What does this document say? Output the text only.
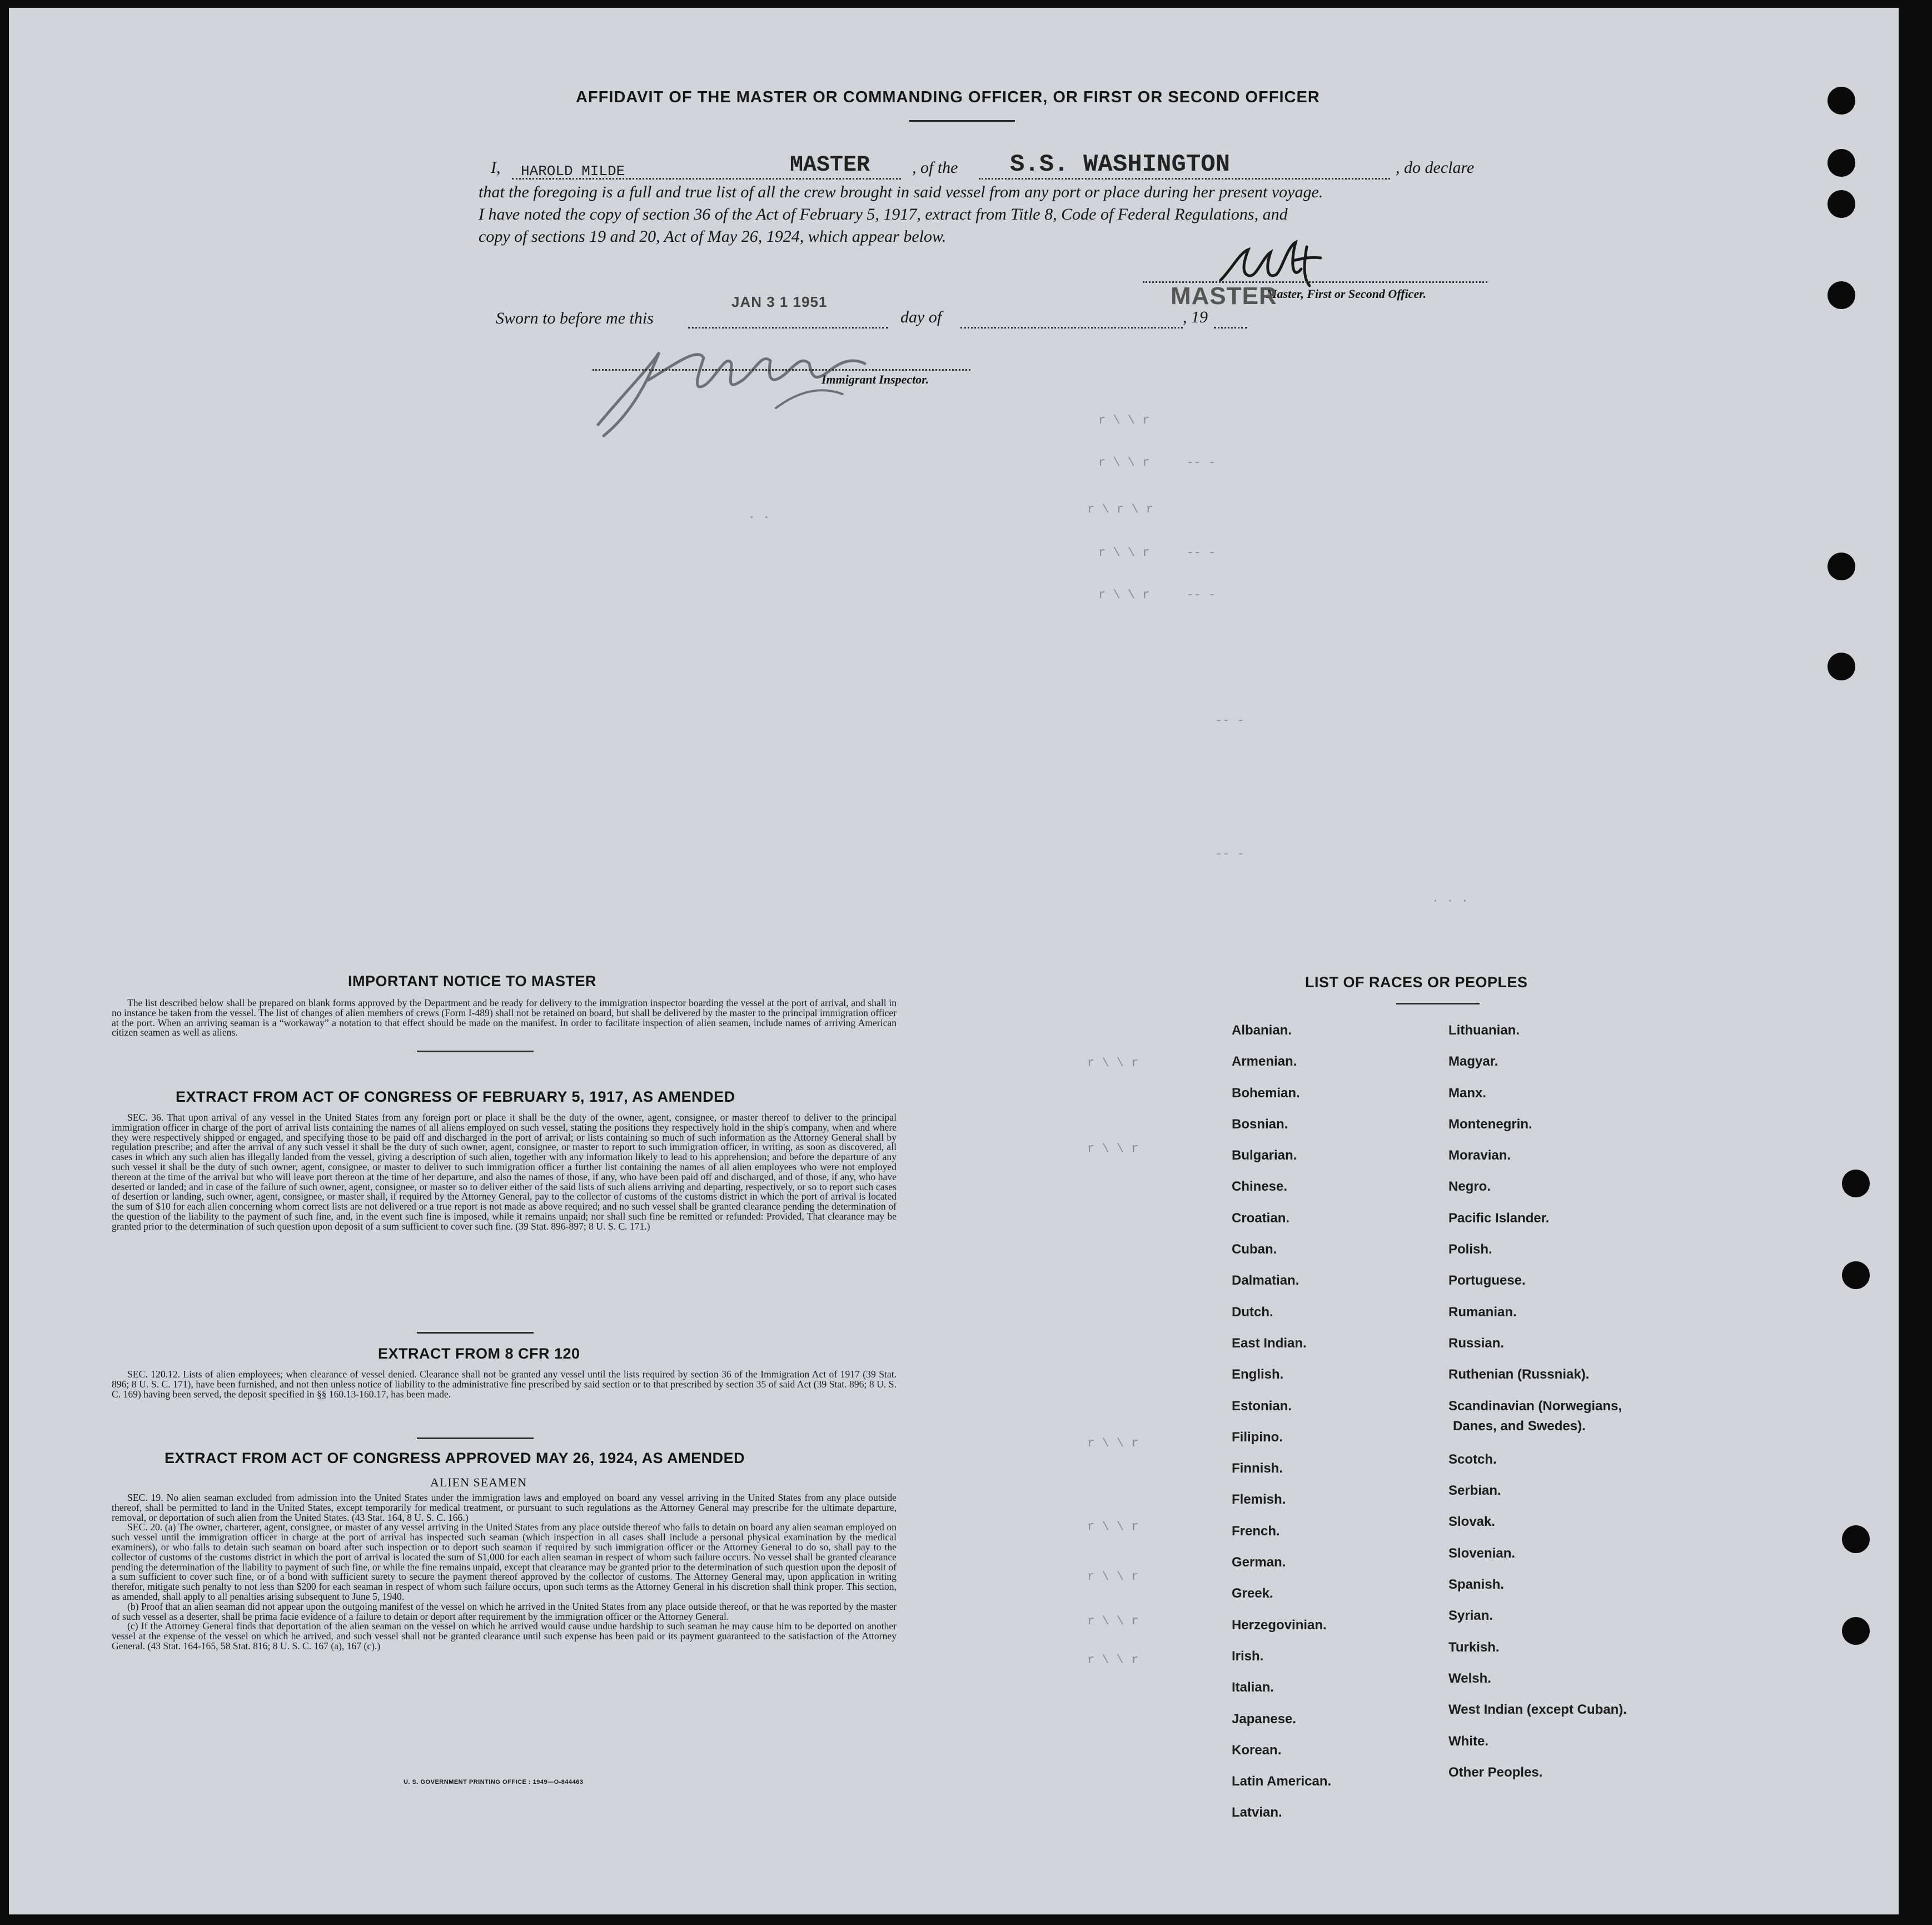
r \ \ r
r \ \ r     -- -
. .	r \ r \ r
r \ \ r     -- -
r \ \ r     -- -
-- -
-- -
. . .
r \ \ r
r \ \ r
r \ \ r
r \ \ r
r \ \ r
r \ \ r
r \ \ r
AFFIDAVIT OF THE MASTER OR COMMANDING OFFICER, OR FIRST OR SECOND OFFICER
I, HAROLD MILDE	MASTER	, of the S.S. WASHINGTON	, do declare
that the foregoing is a full and true list of all the crew brought in said vessel from any port or place during her present voyage.
I have noted the copy of section 36 of the Act of February 5, 1917, extract from Title 8, Code of Federal Regulations, and
copy of sections 19 and 20, Act of May 26, 1924, which appear below.
Master, First or Second Officer.
MASTER
Sworn to before me this
JAN 3 1 1951
day of	, 19
Immigrant Inspector.
IMPORTANT NOTICE TO MASTER

The list described below shall be prepared on blank forms approved by the Department and be ready for delivery to the immigration inspector boarding the vessel at the port of arrival, and shall in no instance be taken from the vessel. The list of changes of alien members of crews (Form I-489) shall not be retained on board, but shall be delivered by the master to the principal immigration officer at the port. When an arriving seaman is a “workaway” a notation to that effect should be made on the manifest. In order to facilitate inspection of alien seamen, include names of arriving American citizen seamen as well as aliens.

EXTRACT FROM ACT OF CONGRESS OF FEBRUARY 5, 1917, AS AMENDED

SEC. 36. That upon arrival of any vessel in the United States from any foreign port or place it shall be the duty of the owner, agent, consignee, or master thereof to deliver to the principal immigration officer in charge of the port of arrival lists containing the names of all aliens employed on such vessel, stating the positions they respectively hold in the ship's company, when and where they were respectively shipped or engaged, and specifying those to be paid off and discharged in the port of arrival; or lists containing so much of such information as the Attorney General shall by regulation prescribe; and after the arrival of any such vessel it shall be the duty of such owner, agent, consignee, or master to report to such immigration officer, in writing, as soon as discovered, all cases in which any such alien has illegally landed from the vessel, giving a description of such alien, together with any information likely to lead to his apprehension; and before the departure of any such vessel it shall be the duty of such owner, agent, consignee, or master to deliver to such immigration officer a further list containing the names of all alien employees who were not employed thereon at the time of the arrival but who will leave port thereon at the time of her departure, and also the names of those, if any, who have been paid off and discharged, and of those, if any, who have deserted or landed; and in case of the failure of such owner, agent, consignee, or master so to deliver either of the said lists of such aliens arriving and departing, respectively, or so to report such cases of desertion or landing, such owner, agent, consignee, or master shall, if required by the Attorney General, pay to the collector of customs of the customs district in which the port of arrival is located the sum of $10 for each alien concerning whom correct lists are not delivered or a true report is not made as above required; and no such vessel shall be granted clearance pending the determination of the question of the liability to the payment of such fine, and, in the event such fine is imposed, while it remains unpaid; nor shall such fine be remitted or refunded: Provided, That clearance may be granted prior to the determination of such question upon deposit of a sum sufficient to cover such fine. (39 Stat. 896-897; 8 U. S. C. 171.)

EXTRACT FROM 8 CFR 120

SEC. 120.12. Lists of alien employees; when clearance of vessel denied. Clearance shall not be granted any vessel until the lists required by section 36 of the Immigration Act of 1917 (39 Stat. 896; 8 U. S. C. 171), have been furnished, and not then unless notice of liability to the administrative fine prescribed by said section or to that prescribed by section 35 of said Act (39 Stat. 896; 8 U. S. C. 169) having been served, the deposit specified in §§ 160.13-160.17, has been made.

EXTRACT FROM ACT OF CONGRESS APPROVED MAY 26, 1924, AS AMENDED
ALIEN SEAMEN

SEC. 19. No alien seaman excluded from admission into the United States under the immigration laws and employed on board any vessel arriving in the United States from any place outside thereof, shall be permitted to land in the United States, except temporarily for medical treatment, or pursuant to such regulations as the Attorney General may prescribe for the ultimate departure, removal, or deportation of such alien from the United States. (43 Stat. 164, 8 U. S. C. 166.)

SEC. 20. (a) The owner, charterer, agent, consignee, or master of any vessel arriving in the United States from any place outside thereof who fails to detain on board any alien seaman employed on such vessel until the immigration officer in charge at the port of arrival has inspected such seaman (which inspection in all cases shall include a personal physical examination by the medical examiners), or who fails to detain such seaman on board after such inspection or to deport such seaman if required by such immigration officer or the Attorney General to do so, shall pay to the collector of customs of the customs district in which the port of arrival is located the sum of $1,000 for each alien seaman in respect of whom such failure occurs. No vessel shall be granted clearance pending the determination of the liability to payment of such fine, or while the fine remains unpaid, except that clearance may be granted prior to the determination of such question upon the deposit of a sum sufficient to cover such fine, or of a bond with sufficient surety to secure the payment thereof approved by the collector of customs. The Attorney General may, upon application in writing therefor, mitigate such penalty to not less than $200 for each seaman in respect of whom such failure occurs, upon such terms as the Attorney General in his discretion shall think proper. This section, as amended, shall apply to all penalties arising subsequent to June 5, 1940.

(b) Proof that an alien seaman did not appear upon the outgoing manifest of the vessel on which he arrived in the United States from any place outside thereof, or that he was reported by the master of such vessel as a deserter, shall be prima facie evidence of a failure to detain or deport after requirement by the immigration officer or the Attorney General.

(c) If the Attorney General finds that deportation of the alien seaman on the vessel on which he arrived would cause undue hardship to such seaman he may cause him to be deported on another vessel at the expense of the vessel on which he arrived, and such vessel shall not be granted clearance until such expense has been paid or its payment guaranteed to the satisfaction of the Attorney General. (43 Stat. 164-165, 58 Stat. 816; 8 U. S. C. 167 (a), 167 (c).)

U. S. GOVERNMENT PRINTING OFFICE : 1949—O-844463
LIST OF RACES OR PEOPLES
Albanian.
Armenian.
Bohemian.
Bosnian.
Bulgarian.
Chinese.
Croatian.
Cuban.
Dalmatian.
Dutch.
East Indian.
English.
Estonian.
Filipino.
Finnish.
Flemish.
French.
German.
Greek.
Herzegovinian.
Irish.
Italian.
Japanese.
Korean.
Latin American.
Latvian.
Lithuanian.
Magyar.
Manx.
Montenegrin.
Moravian.
Negro.
Pacific Islander.
Polish.
Portuguese.
Rumanian.
Russian.
Ruthenian (Russniak).
Scandinavian (Norwegians,
Danes, and Swedes).
Scotch.
Serbian.
Slovak.
Slovenian.
Spanish.
Syrian.
Turkish.
Welsh.
West Indian (except Cuban).
White.
Other Peoples.
